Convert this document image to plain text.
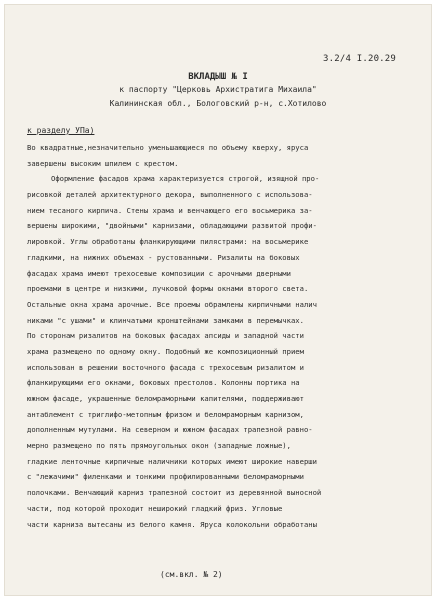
3.2/4 I.20.29
ВКЛАДЫШ № I
к паспорту "Церковь Архистратига Михаила"
Калининская обл., Бологовский р-н, с.Хотилово
к разделу УПа)
Во квадратные,незначительно уменьшающиеся по объему кверху, яруса
завершены высоким шпилем с крестом.
Оформление фасадов храма характеризуется строгой, изящной про-
рисовкой деталей архитектурного декора, выполненного с использова-
нием тесаного кирпича. Стены храма и венчающего его восьмерика за-
вершены широкими, "двойными" карнизами, обладающими развитой профи-
лировкой. Углы обработаны фланкирующими пилястрами: на восьмерике
гладкими, на нижних объемах - рустованными. Ризалиты на боковых
фасадах храма имеют трехосевые композиции с арочными дверными
проемами в центре и низкими, лучковой формы окнами второго света.
Остальные окна храма арочные. Все проемы обрамлены кирпичными налич
никами "с ушами" и клинчатыми кронштейнами замками в перемычках.
По сторонам ризалитов на боковых фасадах апсиды и западной части
храма размещено по одному окну. Подобный же композиционный прием
использован в решении восточного фасада с трехосевым ризалитом и
фланкирующими его окнами, боковых престолов. Колонны портика на
южном фасаде, украшенные беломраморными капителями, поддерживают
антаблемент с триглифо-метопным фризом и беломраморным карнизом,
дополненным мутулами. На северном и южном фасадах трапезной равно-
мерно размещено по пять прямоугольных окон (западные ложные),
гладкие ленточные кирпичные наличники которых имеют широкие наверши
с "лежачими" филенками и тонкими профилированными беломраморными
полочками. Венчающий карниз трапезной состоит из деревянной выносной
части, под которой проходит неширокий гладкий фриз. Угловые
части карниза вытесаны из белого камня. Яруса колокольни обработаны
(см.вкл. № 2)
